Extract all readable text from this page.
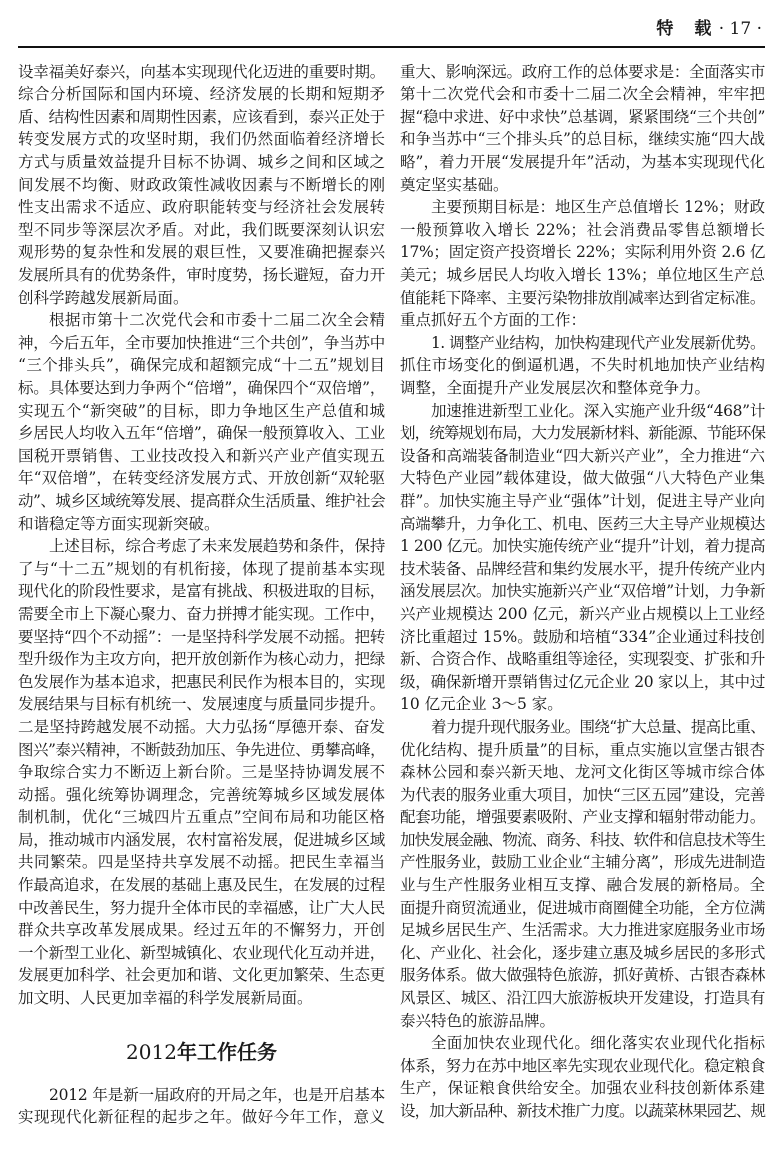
特　载 · 17 ·
设幸福美好泰兴，向基本实现现代化迈进的重要时期。
综合分析国际和国内环境、经济发展的长期和短期矛
盾、结构性因素和周期性因素，应该看到，泰兴正处于
转变发展方式的攻坚时期，我们仍然面临着经济增长
方式与质量效益提升目标不协调、城乡之间和区域之
间发展不均衡、财政政策性减收因素与不断增长的刚
性支出需求不适应、政府职能转变与经济社会发展转
型不同步等深层次矛盾。对此，我们既要深刻认识宏
观形势的复杂性和发展的艰巨性，又要准确把握泰兴
发展所具有的优势条件，审时度势，扬长避短，奋力开
创科学跨越发展新局面。
根据市第十二次党代会和市委十二届二次全会精
神，今后五年，全市要加快推进“三个共创”，争当苏中
“三个排头兵”，确保完成和超额完成“十二五”规划目
标。具体要达到力争两个“倍增”，确保四个“双倍增”，
实现五个“新突破”的目标，即力争地区生产总值和城
乡居民人均收入五年“倍增”，确保一般预算收入、工业
国税开票销售、工业技改投入和新兴产业产值实现五
年“双倍增”，在转变经济发展方式、开放创新“双轮驱
动”、城乡区域统筹发展、提高群众生活质量、维护社会
和谐稳定等方面实现新突破。
上述目标，综合考虑了未来发展趋势和条件，保持
了与“十二五”规划的有机衔接，体现了提前基本实现
现代化的阶段性要求，是富有挑战、积极进取的目标，
需要全市上下凝心聚力、奋力拼搏才能实现。工作中，
要坚持“四个不动摇”：一是坚持科学发展不动摇。把转
型升级作为主攻方向，把开放创新作为核心动力，把绿
色发展作为基本追求，把惠民利民作为根本目的，实现
发展结果与目标有机统一、发展速度与质量同步提升。
二是坚持跨越发展不动摇。大力弘扬“厚德开泰、奋发
图兴”泰兴精神，不断鼓劲加压、争先进位、勇攀高峰，
争取综合实力不断迈上新台阶。三是坚持协调发展不
动摇。强化统筹协调理念，完善统筹城乡区域发展体
制机制，优化“三城四片五重点”空间布局和功能区格
局，推动城市内涵发展，农村富裕发展，促进城乡区域
共同繁荣。四是坚持共享发展不动摇。把民生幸福当
作最高追求，在发展的基础上惠及民生，在发展的过程
中改善民生，努力提升全体市民的幸福感，让广大人民
群众共享改革发展成果。经过五年的不懈努力，开创
一个新型工业化、新型城镇化、农业现代化互动并进，
发展更加科学、社会更加和谐、文化更加繁荣、生态更
加文明、人民更加幸福的科学发展新局面。
2012年工作任务
2012 年是新一届政府的开局之年，也是开启基本
实现现代化新征程的起步之年。做好今年工作，意义
重大、影响深远。政府工作的总体要求是：全面落实市
第十二次党代会和市委十二届二次全会精神，牢牢把
握“稳中求进、好中求快”总基调，紧紧围绕“三个共创”
和争当苏中“三个排头兵”的总目标，继续实施“四大战
略”，着力开展“发展提升年”活动，为基本实现现代化
奠定坚实基础。
主要预期目标是：地区生产总值增长 12%；财政
一般预算收入增长 22%；社会消费品零售总额增长
17%；固定资产投资增长 22%；实际利用外资 2.6 亿
美元；城乡居民人均收入增长 13%；单位地区生产总
值能耗下降率、主要污染物排放削减率达到省定标准。
重点抓好五个方面的工作：
1. 调整产业结构，加快构建现代产业发展新优势。
抓住市场变化的倒逼机遇，不失时机地加快产业结构
调整，全面提升产业发展层次和整体竞争力。
加速推进新型工业化。深入实施产业升级“468”计
划，统筹规划布局，大力发展新材料、新能源、节能环保
设备和高端装备制造业“四大新兴产业”，全力推进“六
大特色产业园”载体建设，做大做强“八大特色产业集
群”。加快实施主导产业“强体”计划，促进主导产业向
高端攀升，力争化工、机电、医药三大主导产业规模达
1 200 亿元。加快实施传统产业“提升”计划，着力提高
技术装备、品牌经营和集约发展水平，提升传统产业内
涵发展层次。加快实施新兴产业“双倍增”计划，力争新
兴产业规模达 200 亿元，新兴产业占规模以上工业经
济比重超过 15%。鼓励和培植“334”企业通过科技创
新、合资合作、战略重组等途径，实现裂变、扩张和升
级，确保新增开票销售过亿元企业 20 家以上，其中过
10 亿元企业 3～5 家。
着力提升现代服务业。围绕“扩大总量、提高比重、
优化结构、提升质量”的目标，重点实施以宣堡古银杏
森林公园和泰兴新天地、龙河文化街区等城市综合体
为代表的服务业重大项目，加快“三区五园”建设，完善
配套功能，增强要素吸附、产业支撑和辐射带动能力。
加快发展金融、物流、商务、科技、软件和信息技术等生
产性服务业，鼓励工业企业“主辅分离”，形成先进制造
业与生产性服务业相互支撑、融合发展的新格局。全
面提升商贸流通业，促进城市商圈健全功能，全方位满
足城乡居民生产、生活需求。大力推进家庭服务业市场
化、产业化、社会化，逐步建立惠及城乡居民的多形式
服务体系。做大做强特色旅游，抓好黄桥、古银杏森林
风景区、城区、沿江四大旅游板块开发建设，打造具有
泰兴特色的旅游品牌。
全面加快农业现代化。细化落实农业现代化指标
体系，努力在苏中地区率先实现农业现代化。稳定粮食
生产，保证粮食供给安全。加强农业科技创新体系建
设，加大新品种、新技术推广力度。以蔬菜林果园艺、规
